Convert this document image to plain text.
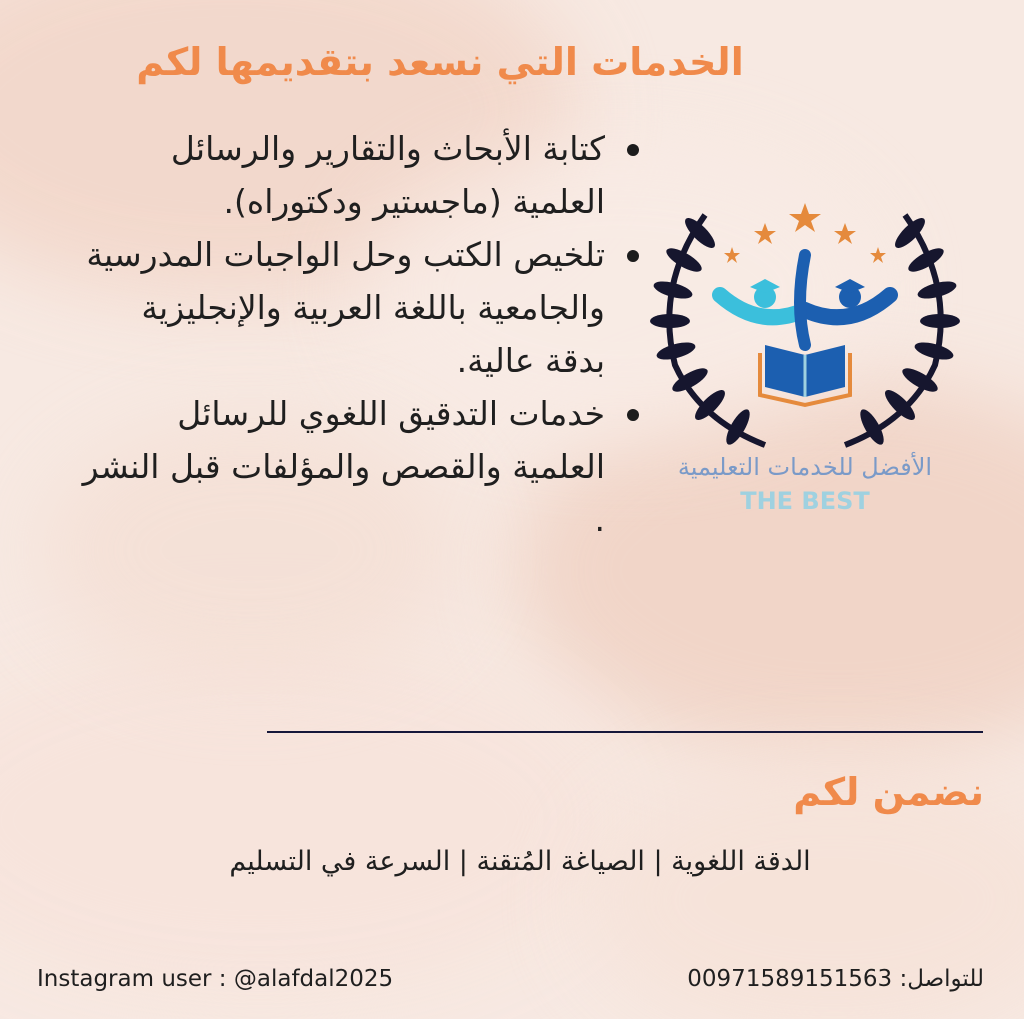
الخدمات التي نسعد بتقديمها لكم
كتابة الأبحاث والتقارير والرسائل العلمية (ماجستير ودكتوراه).
تلخيص الكتب وحل الواجبات المدرسية والجامعية باللغة العربية والإنجليزية بدقة عالية.
خدمات التدقيق اللغوي للرسائل العلمية والقصص والمؤلفات قبل النشر .
الأفضل للخدمات التعليمية
THE BEST
نضمن لكم
الدقة اللغوية | الصياغة المُتقنة | السرعة في التسليم
للتواصل: 00971589151563
Instagram user : @alafdal2025
